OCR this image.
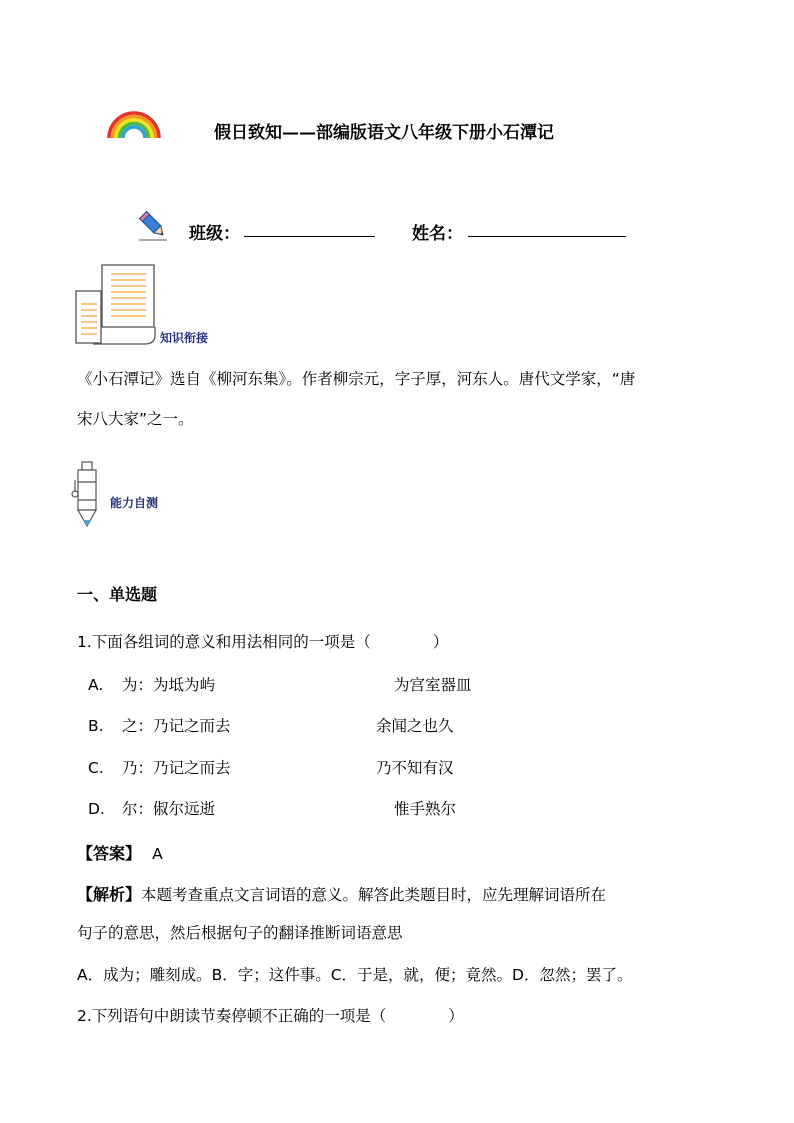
假日致知——部编版语文八年级下册小石潭记
班级：	姓名：
知识衔接
《小石潭记》选自《柳河东集》。作者柳宗元，字子厚，河东人。唐代文学家，“唐
宋八大家”之一。
能力自测
一、单选题
1.下面各组词的意义和用法相同的一项是（　　　　）
A. 为：为坻为屿	为宫室器皿
B. 之：乃记之而去	余闻之也久
C. 乃：乃记之而去	乃不知有汉
D. 尔：俶尔远逝	惟手熟尔
【答案】 A
【解析】本题考查重点文言词语的意义。解答此类题目时，应先理解词语所在
句子的意思，然后根据句子的翻译推断词语意思
A．成为；雕刻成。B．字；这件事。C．于是，就，便；竟然。D．忽然；罢了。
2.下列语句中朗读节奏停顿不正确的一项是（　　　　）
